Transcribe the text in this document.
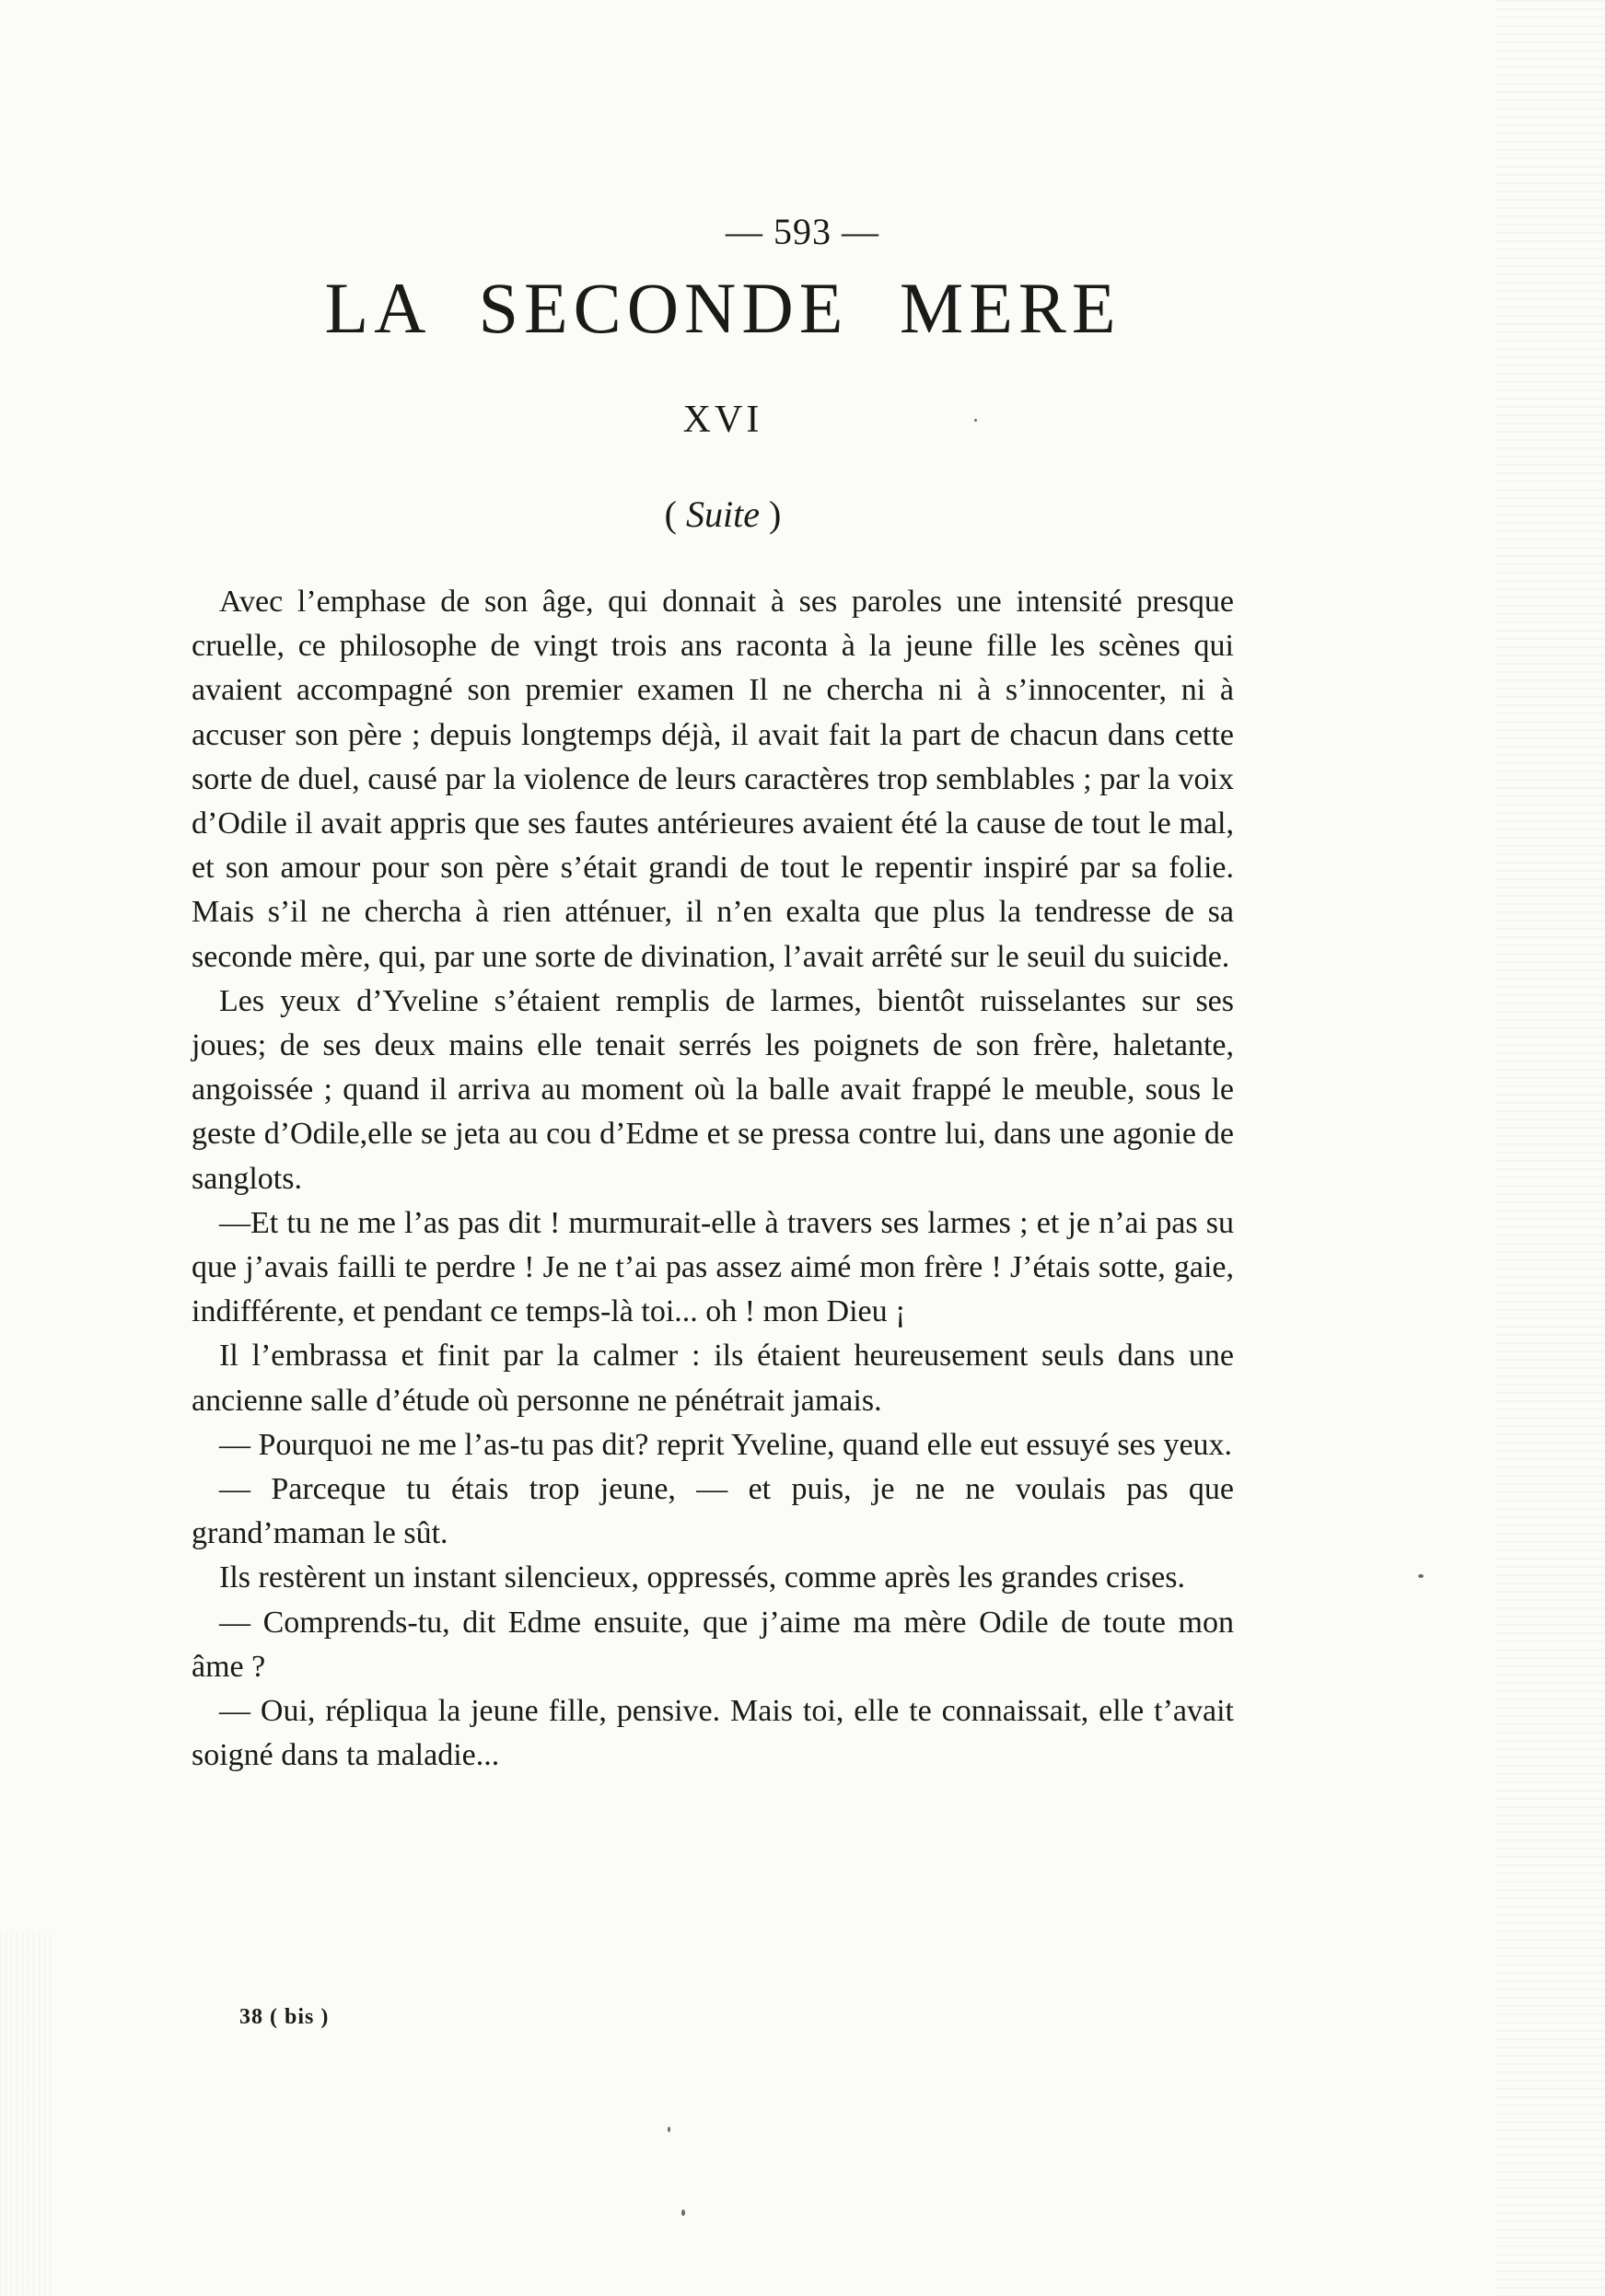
— 593 —
LA SECONDE MERE
XVI
( Suite )

Avec l’emphase de son âge, qui donnait à ses paroles une intensité presque cruelle, ce philosophe de vingt trois ans raconta à la jeune fille les scènes qui avaient accompagné son premier examen Il ne chercha ni à s’innocenter, ni à accuser son père ; depuis longtemps déjà, il avait fait la part de chacun dans cette sorte de duel, causé par la violence de leurs caractères trop semblables ; par la voix d’Odile il avait appris que ses fautes antérieures avaient été la cause de tout le mal, et son amour pour son père s’était grandi de tout le repentir inspiré par sa folie. Mais s’il ne chercha à rien atténuer, il n’en exalta que plus la tendresse de sa seconde mère, qui, par une sorte de divination, l’avait arrêté sur le seuil du suicide.

Les yeux d’Yveline s’étaient remplis de larmes, bientôt ruisselantes sur ses joues; de ses deux mains elle tenait serrés les poignets de son frère, haletante, angoissée ; quand il arriva au moment où la balle avait frappé le meuble, sous le geste d’Odile,elle se jeta au cou d’Edme et se pressa contre lui, dans une agonie de sanglots.

—Et tu ne me l’as pas dit ! murmurait-elle à travers ses larmes ; et je n’ai pas su que j’avais failli te perdre ! Je ne t’ai pas assez aimé mon frère ! J’étais sotte, gaie, indifférente, et pendant ce temps-là toi... oh ! mon Dieu ¡

Il l’embrassa et finit par la calmer : ils étaient heureusement seuls dans une ancienne salle d’étude où personne ne pénétrait jamais.

— Pourquoi ne me l’as-tu pas dit? reprit Yveline, quand elle eut essuyé ses yeux.

— Parceque tu étais trop jeune, — et puis, je ne ne voulais pas que grand’maman le sût.

Ils restèrent un instant silencieux, oppressés, comme après les grandes crises.

— Comprends-tu, dit Edme ensuite, que j’aime ma mère Odile de toute mon âme ?

— Oui, répliqua la jeune fille, pensive. Mais toi, elle te connaissait, elle t’avait soigné dans ta maladie...

38 ( bis )
